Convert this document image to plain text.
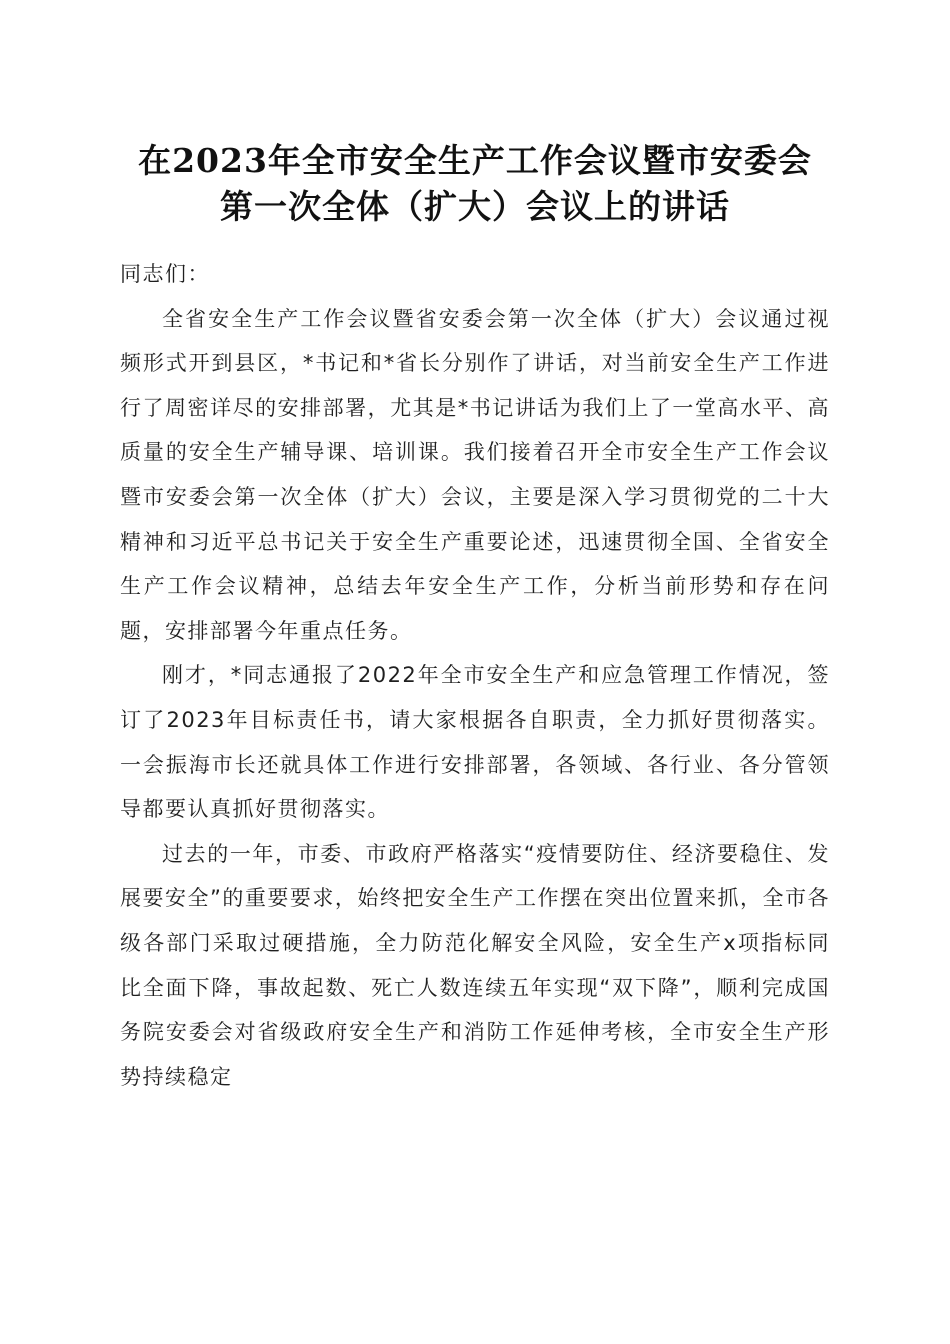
在2023年全市安全生产工作会议暨市安委会
第一次全体（扩大）会议上的讲话

同志们：

全省安全生产工作会议暨省安委会第一次全体（扩大）会议通过视频形式开到县区，*书记和*省长分别作了讲话，对当前安全生产工作进行了周密详尽的安排部署，尤其是*书记讲话为我们上了一堂高水平、高质量的安全生产辅导课、培训课。我们接着召开全市安全生产工作会议暨市安委会第一次全体（扩大）会议，主要是深入学习贯彻党的二十大精神和习近平总书记关于安全生产重要论述，迅速贯彻全国、全省安全生产工作会议精神，总结去年安全生产工作，分析当前形势和存在问题，安排部署今年重点任务。

刚才，*同志通报了2022年全市安全生产和应急管理工作情况，签订了2023年目标责任书，请大家根据各自职责，全力抓好贯彻落实。一会振海市长还就具体工作进行安排部署，各领域、各行业、各分管领导都要认真抓好贯彻落实。

过去的一年，市委、市政府严格落实“疫情要防住、经济要稳住、发展要安全”的重要要求，始终把安全生产工作摆在突出位置来抓，全市各级各部门采取过硬措施，全力防范化解安全风险，安全生产x项指标同比全面下降，事故起数、死亡人数连续五年实现“双下降”，顺利完成国务院安委会对省级政府安全生产和消防工作延伸考核，全市安全生产形势持续稳定
